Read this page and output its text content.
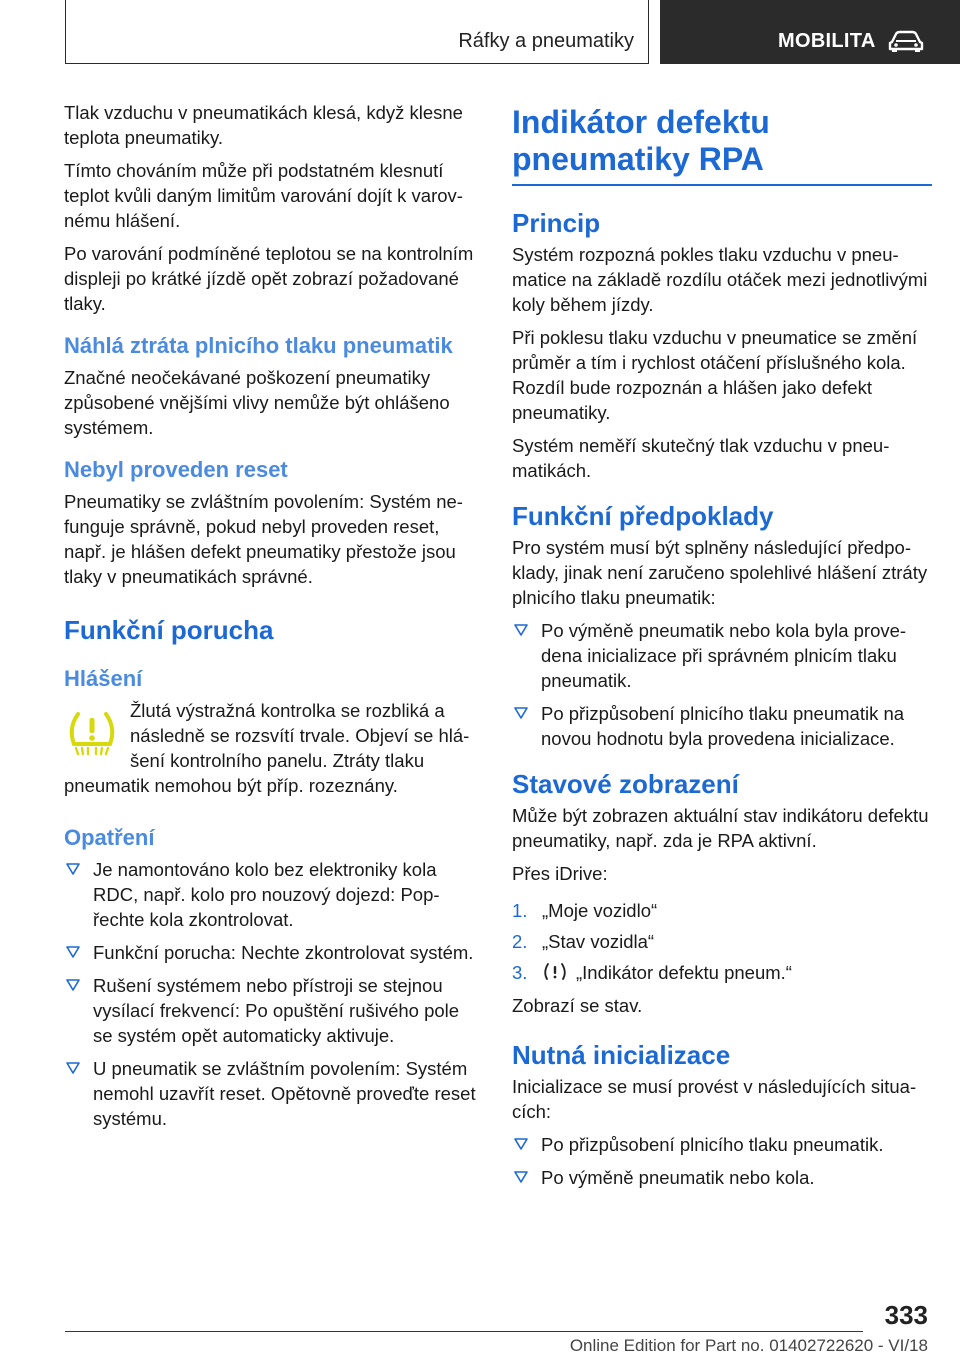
Ráfky a pneumatiky	MOBILITA

Tlak vzduchu v pneumatikách klesá, když klesne teplota pneumatiky.

Tímto chováním může při podstatném klesnutí teplot kvůli daným limitům varování dojít k varovnému hlášení.

Po varování podmíněné teplotou se na kontrolním displeji po krátké jízdě opět zobrazí požadované tlaky.

Náhlá ztráta plnicího tlaku pneumatik

Značné neočekávané poškození pneumatiky způsobené vnějšími vlivy nemůže být ohlášeno systémem.

Nebyl proveden reset

Pneumatiky se zvláštním povolením: Systém nefunguje správně, pokud nebyl proveden reset, např. je hlášen defekt pneumatiky přestože jsou tlaky v pneumatikách správné.

Funkční porucha
Hlášení

Žlutá výstražná kontrolka se rozbliká a následně se rozsvítí trvale. Objeví se hlášení kontrolního panelu. Ztráty tlaku pneumatik nemohou být příp. rozeznány.

Opatření
Je namontováno kolo bez elektroniky kola RDC, např. kolo pro nouzový dojezd: Popřechte kola zkontrolovat.
Funkční porucha: Nechte zkontrolovat systém.
Rušení systémem nebo přístroji se stejnou vysílací frekvencí: Po opuštění rušivého pole se systém opět automaticky aktivuje.
U pneumatik se zvláštním povolením: Systém nemohl uzavřít reset. Opětovně proveďte reset systému.
Indikátor defektu pneumatiky RPA
Princip

Systém rozpozná pokles tlaku vzduchu v pneumatice na základě rozdílu otáček mezi jednotlivými koly během jízdy.

Při poklesu tlaku vzduchu v pneumatice se změní průměr a tím i rychlost otáčení příslušného kola. Rozdíl bude rozpoznán a hlášen jako defekt pneumatiky.

Systém neměří skutečný tlak vzduchu v pneumatikách.

Funkční předpoklady

Pro systém musí být splněny následující předpoklady, jinak není zaručeno spolehlivé hlášení ztráty plnicího tlaku pneumatik:

Po výměně pneumatik nebo kola byla provedena inicializace při správném plnicím tlaku pneumatik.
Po přizpůsobení plnicího tlaku pneumatik na novou hodnotu byla provedena inicializace.
Stavové zobrazení

Může být zobrazen aktuální stav indikátoru defektu pneumatiky, např. zda je RPA aktivní.

Přes iDrive:

1. „Moje vozidlo“
2. „Stav vozidla“
3.	„Indikátor defektu pneum.“

Zobrazí se stav.

Nutná inicializace

Inicializace se musí provést v následujících situacích:

Po přizpůsobení plnicího tlaku pneumatik.
Po výměně pneumatik nebo kola.
333
Online Edition for Part no. 01402722620 - VI/18
